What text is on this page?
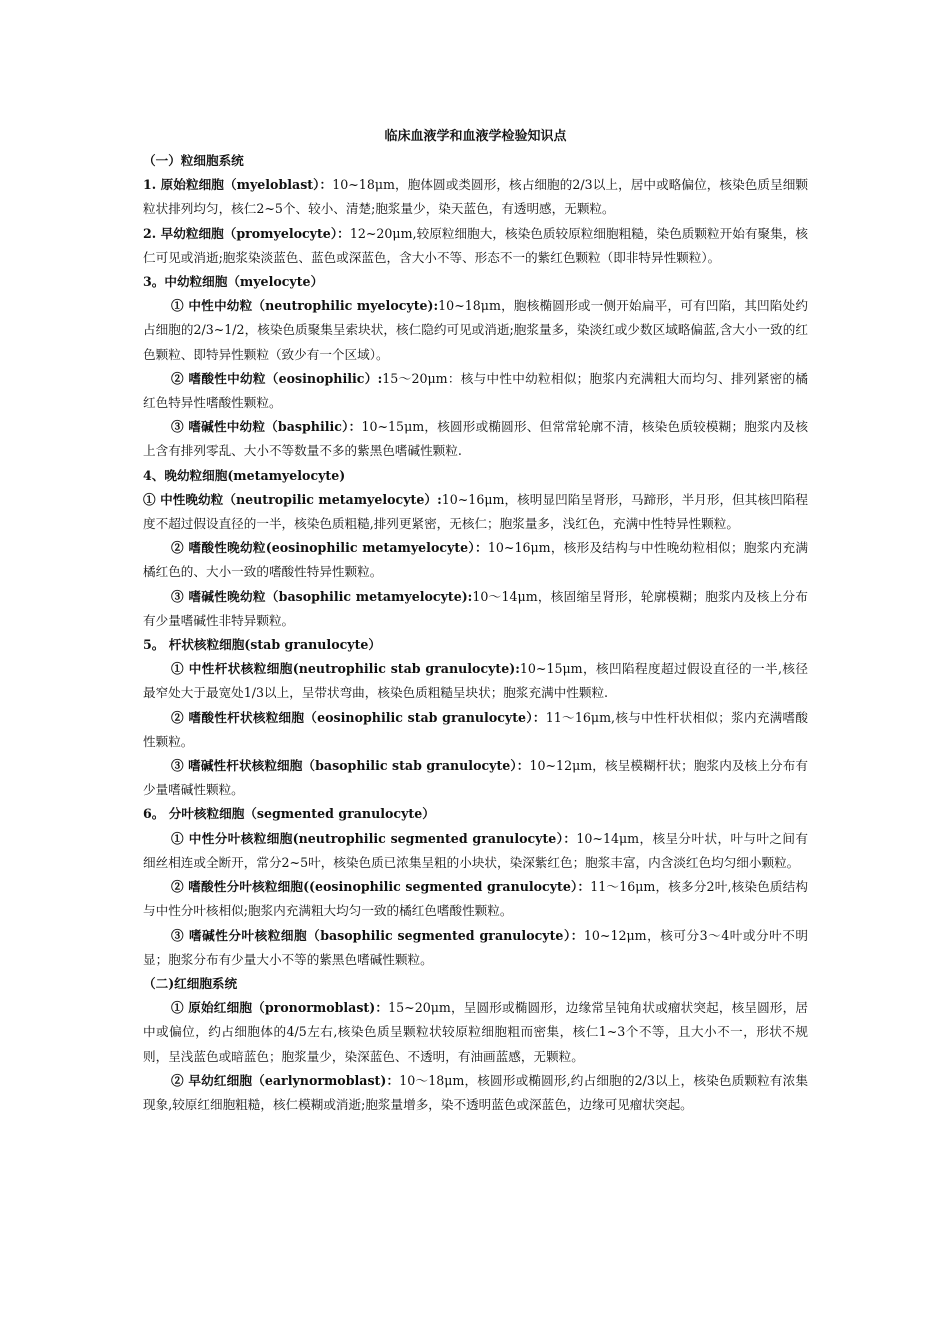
临床血液学和血液学检验知识点

（一）粒细胞系统

1. 原始粒细胞（myeloblast）：10~18μm，胞体圆或类圆形，核占细胞的2/3以上，居中或略偏位，核染色质呈细颗粒状排列均匀，核仁2~5个、较小、清楚;胞浆量少，染天蓝色，有透明感，无颗粒。

2. 早幼粒细胞（promyelocyte）：12~20μm,较原粒细胞大，核染色质较原粒细胞粗糙，染色质颗粒开始有聚集，核仁可见或消逝;胞浆染淡蓝色、蓝色或深蓝色，含大小不等、形态不一的紫红色颗粒（即非特异性颗粒）。

3。中幼粒细胞（myelocyte）

① 中性中幼粒（neutrophilic myelocyte):10~18μm，胞核椭圆形或一侧开始扁平，可有凹陷，其凹陷处约占细胞的2/3~1/2，核染色质聚集呈索块状，核仁隐约可见或消逝;胞浆量多，染淡红或少数区域略偏蓝,含大小一致的红色颗粒、即特异性颗粒（致少有一个区域）。

② 嗜酸性中幼粒（eosinophilic）:15～20μm：核与中性中幼粒相似；胞浆内充满粗大而均匀、排列紧密的橘红色特异性嗜酸性颗粒。

③ 嗜碱性中幼粒（basphilic）：10~15μm，核圆形或椭圆形、但常常轮廓不清，核染色质较模糊；胞浆内及核上含有排列零乱、大小不等数量不多的紫黑色嗜碱性颗粒.

4、晚幼粒细胞(metamyelocyte)

① 中性晚幼粒（neutropilic metamyelocyte）:10~16μm，核明显凹陷呈肾形，马蹄形，半月形，但其核凹陷程度不超过假设直径的一半，核染色质粗糙,排列更紧密，无核仁；胞浆量多，浅红色，充满中性特异性颗粒。

② 嗜酸性晚幼粒(eosinophilic metamyelocyte）：10~16μm，核形及结构与中性晚幼粒相似；胞浆内充满橘红色的、大小一致的嗜酸性特异性颗粒。

③ 嗜碱性晚幼粒（basophilic metamyelocyte):10～14μm，核固缩呈肾形，轮廓模糊；胞浆内及核上分布有少量嗜碱性非特异颗粒。

5。 杆状核粒细胞(stab granulocyte）

① 中性杆状核粒细胞(neutrophilic stab granulocyte):10~15μm，核凹陷程度超过假设直径的一半,核径最窄处大于最宽处1/3以上，呈带状弯曲，核染色质粗糙呈块状；胞浆充满中性颗粒.

② 嗜酸性杆状核粒细胞（eosinophilic stab granulocyte）：11～16μm,核与中性杆状相似；浆内充满嗜酸性颗粒。

③ 嗜碱性杆状核粒细胞（basophilic stab granulocyte）：10~12μm，核呈模糊杆状；胞浆内及核上分布有少量嗜碱性颗粒。

6。 分叶核粒细胞（segmented granulocyte）

① 中性分叶核粒细胞(neutrophilic segmented granulocyte）：10~14μm，核呈分叶状，叶与叶之间有细丝相连或全断开，常分2~5叶，核染色质已浓集呈粗的小块状，染深紫红色；胞浆丰富，内含淡红色均匀细小颗粒。

② 嗜酸性分叶核粒细胞((eosinophilic segmented granulocyte）：11～16μm，核多分2叶,核染色质结构与中性分叶核相似;胞浆内充满粗大均匀一致的橘红色嗜酸性颗粒。

③ 嗜碱性分叶核粒细胞（basophilic segmented granulocyte）：10~12μm，核可分3～4叶或分叶不明显；胞浆分布有少量大小不等的紫黑色嗜碱性颗粒。

（二)红细胞系统

① 原始红细胞（pronormoblast)：15~20μm，呈圆形或椭圆形，边缘常呈钝角状或瘤状突起，核呈圆形，居中或偏位，约占细胞体的4/5左右,核染色质呈颗粒状较原粒细胞粗而密集，核仁1~3个不等，且大小不一，形状不规则，呈浅蓝色或暗蓝色；胞浆量少，染深蓝色、不透明，有油画蓝感，无颗粒。

② 早幼红细胞（earlynormoblast)：10～18μm，核圆形或椭圆形,约占细胞的2/3以上，核染色质颗粒有浓集现象,较原红细胞粗糙，核仁模糊或消逝;胞浆量增多，染不透明蓝色或深蓝色，边缘可见瘤状突起。
